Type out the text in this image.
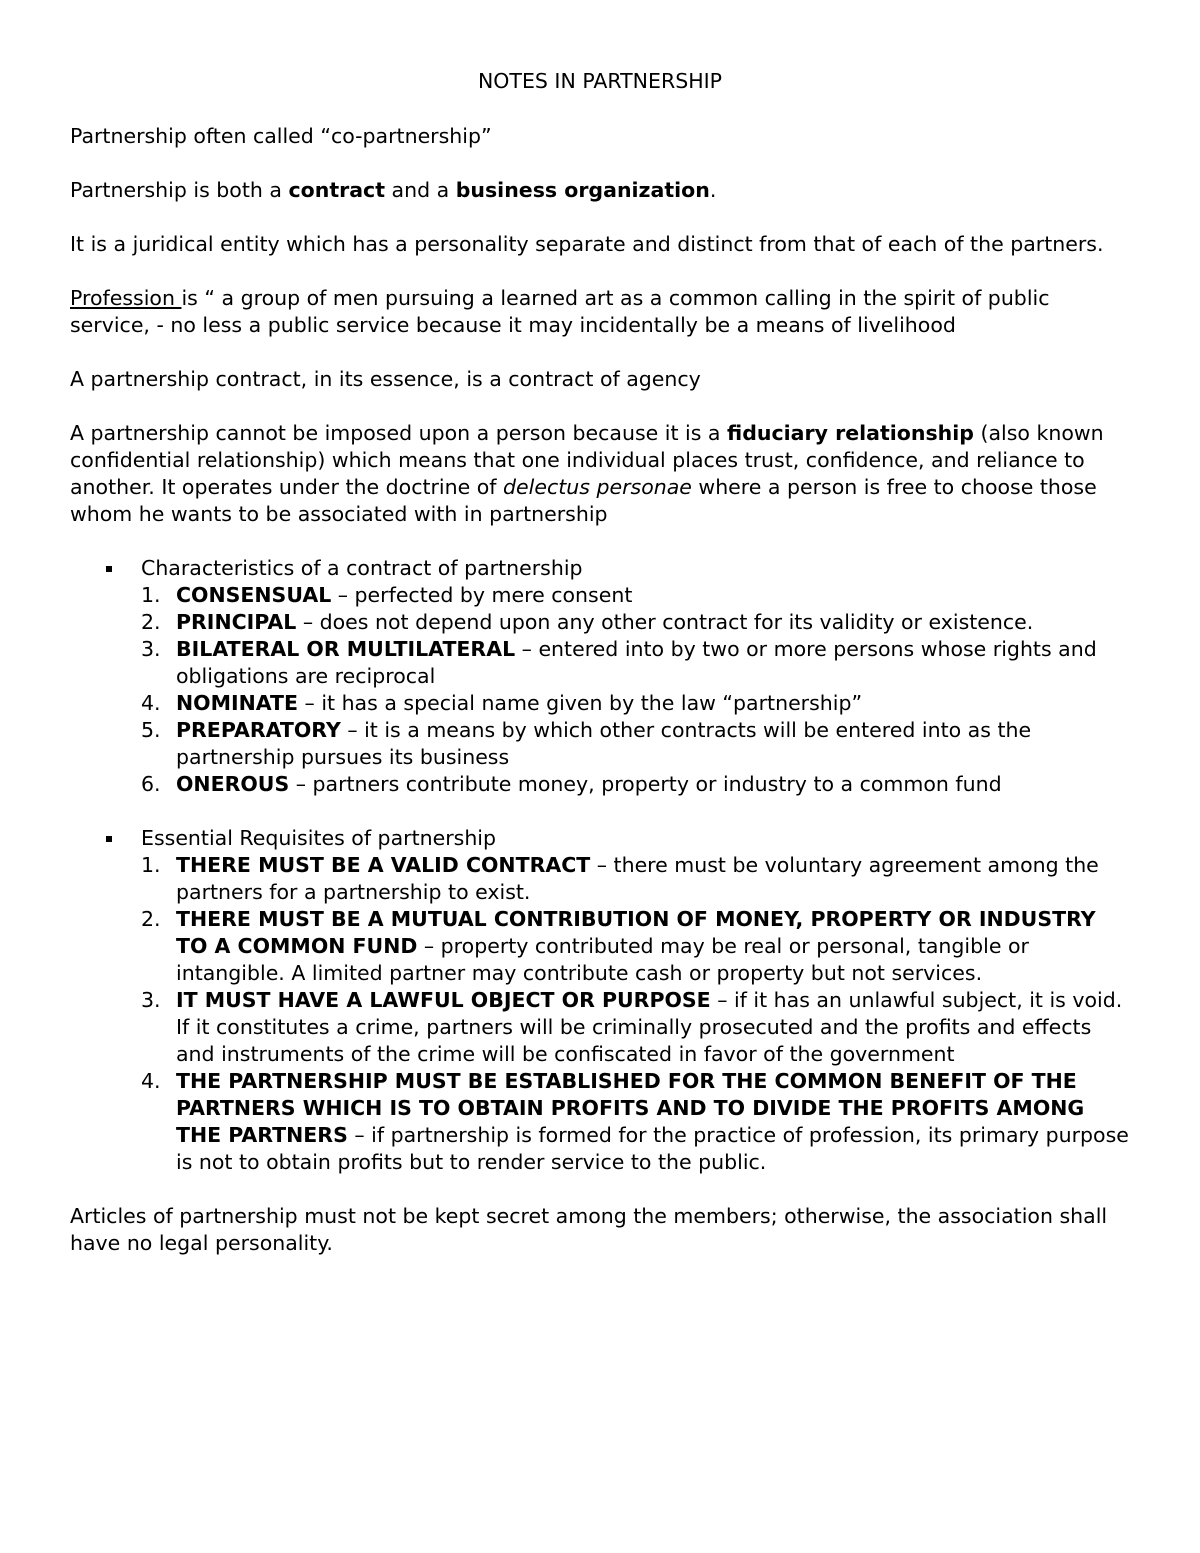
NOTES IN PARTNERSHIP

Partnership often called “co-partnership”

Partnership is both a contract and a business organization.

It is a juridical entity which has a personality separate and distinct from that of each of the partners.

Profession is “ a group of men pursuing a learned art as a common calling in the spirit of public service, - no less a public service because it may incidentally be a means of livelihood

A partnership contract, in its essence, is a contract of agency

A partnership cannot be imposed upon a person because it is a fiduciary relationship (also known confidential relationship) which means that one individual places trust, confidence, and reliance to another. It operates under the doctrine of delectus personae where a person is free to choose those whom he wants to be associated with in partnership

Characteristics of a contract of partnership
1. CONSENSUAL – perfected by mere consent
2. PRINCIPAL – does not depend upon any other contract for its validity or existence.
3. BILATERAL OR MULTILATERAL – entered into by two or more persons whose rights and obligations are reciprocal
4. NOMINATE – it has a special name given by the law “partnership”
5. PREPARATORY – it is a means by which other contracts will be entered into as the partnership pursues its business
6. ONEROUS – partners contribute money, property or industry to a common fund
Essential Requisites of partnership
1. THERE MUST BE A VALID CONTRACT – there must be voluntary agreement among the partners for a partnership to exist.
2. THERE MUST BE A MUTUAL CONTRIBUTION OF MONEY, PROPERTY OR INDUSTRY TO A COMMON FUND – property contributed may be real or personal, tangible or intangible. A limited partner may contribute cash or property but not services.
3. IT MUST HAVE A LAWFUL OBJECT OR PURPOSE – if it has an unlawful subject, it is void. If it constitutes a crime, partners will be criminally prosecuted and the profits and effects and instruments of the crime will be confiscated in favor of the government
4. THE PARTNERSHIP MUST BE ESTABLISHED FOR THE COMMON BENEFIT OF THE PARTNERS WHICH IS TO OBTAIN PROFITS AND TO DIVIDE THE PROFITS AMONG THE PARTNERS – if partnership is formed for the practice of profession, its primary purpose is not to obtain profits but to render service to the public.

Articles of partnership must not be kept secret among the members; otherwise, the association shall have no legal personality.
